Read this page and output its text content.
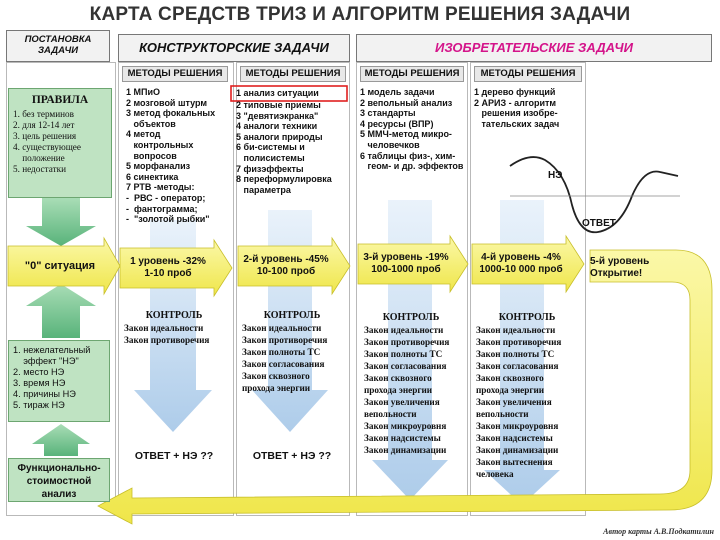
КАРТА СРЕДСТВ ТРИЗ И АЛГОРИТМ РЕШЕНИЯ ЗАДАЧИ
ПОСТАНОВКА
ЗАДАЧИ	КОНСТРУКТОРСКИЕ ЗАДАЧИ	ИЗОБРЕТАТЕЛЬСКИЕ ЗАДАЧИ
МЕТОДЫ РЕШЕНИЯ	МЕТОДЫ РЕШЕНИЯ	МЕТОДЫ РЕШЕНИЯ	МЕТОДЫ РЕШЕНИЯ
1 МПиО
2 мозговой штурм
3 метод фокальных
объектов
4 метод
контрольных
вопросов
5 морфанализ
6 синектика
7 РТВ -методы:
-  РВС - оператор;
-  фантограмма;
-  "золотой рыбки"
1 анализ ситуации
2 типовые приемы
3 "девятиэкранка"
4 аналоги техники
5 аналоги природы
6 би-системы и
полисистемы
7 физэффекты
8 переформулировка
параметра
1 модель задачи
2 вепольный анализ
3 стандарты
4 ресурсы (ВПР)
5 ММЧ-метод микро-
человечков
6 таблицы физ-, хим-
геом- и др. эффектов
1 дерево функций
2 АРИЗ - алгоритм
решения изобре-
тательских задач
ПРАВИЛА
1. без терминов
2. для 12-14 лет
3. цель решения
4. существующее
положение
5. недостатки
"0" ситуация	1 уровень -32%
1-10 проб
2-й уровень -45%
10-100 проб
3-й уровень -19%
100-1000 проб
4-й уровень -4%
1000-10 000 проб
5-й уровень
Открытие!
1. нежелательный
эффект "НЭ"
2. место НЭ
3. время НЭ
4. причины НЭ
5. тираж НЭ
Функционально-
стоимостной
анализ
КОНТРОЛЬ
Закон идеальности
Закон противоречия
КОНТРОЛЬ
Закон идеальности
Закон противоречия
Закон полноты ТС
Закон согласования
Закон сквозного
прохода энергии
КОНТРОЛЬ
Закон идеальности
Закон противоречия
Закон полноты ТС
Закон согласования
Закон сквозного
прохода энергии
Закон увеличения
вепольности
Закон микроуровня
Закон надсистемы
Закон динамизации
КОНТРОЛЬ
Закон идеальности
Закон противоречия
Закон полноты ТС
Закон согласования
Закон сквозного
прохода энергии
Закон увеличения
вепольности
Закон микроуровня
Закон надсистемы
Закон динамизации
Закон вытеснения
человека
ОТВЕТ + НЭ ??	ОТВЕТ + НЭ ??
НЭ
ОТВЕТ
Автор карты А.В.Подкатилин
